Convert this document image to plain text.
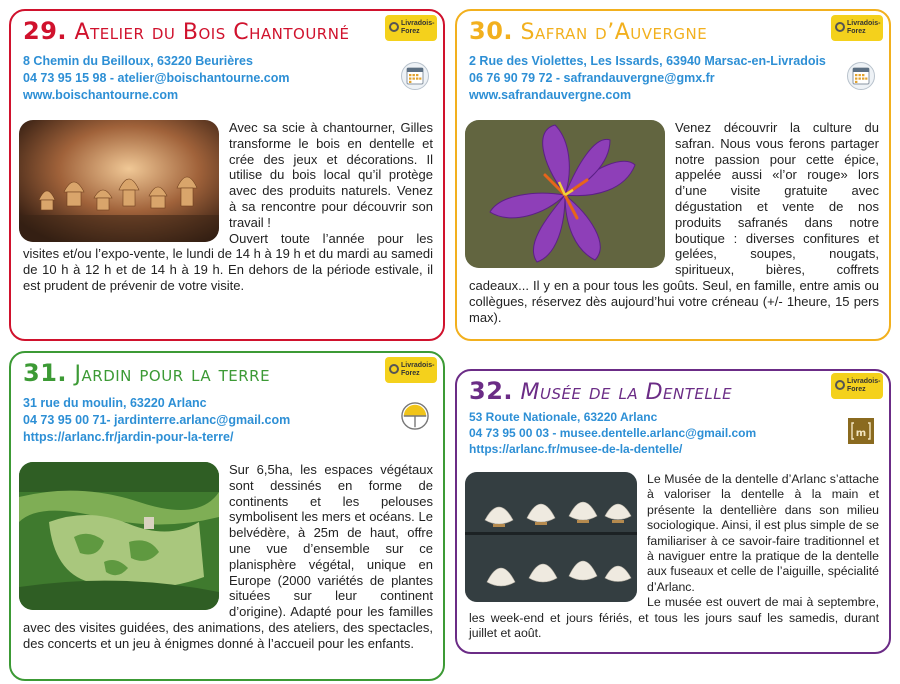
29. Atelier du Bois Chantourné	Livradois-Forez
8 Chemin du Beilloux, 63220 Beurières
04 73 95 15 98 - atelier@boischantourne.com
www.boischantourne.com

Avec sa scie à chantourner, Gilles transforme le bois en dentelle et crée des jeux et décorations. Il utilise du bois local qu’il protège avec des produits naturels. Venez à sa rencontre pour découvrir son travail !

Ouvert toute l’année pour les visites et/ou l’expo-vente, le lundi de 14 h à 19 h et du mardi au samedi de 10 h à 12 h et de 14 h à 19 h. En dehors de la période estivale, il est prudent de prévenir de votre visite.

30. Safran d’Auvergne	Livradois-Forez
2 Rue des Violettes, Les Issards, 63940 Marsac-en-Livradois
06 76 90 79 72 - safrandauvergne@gmx.fr
www.safrandauvergne.com

Venez découvrir la culture du safran. Nous vous ferons partager notre passion pour cette épice, appelée aussi «l’or rouge» lors d’une visite gratuite avec dégustation et vente de nos produits safranés dans notre boutique : diverses confitures et gelées, soupes, nougats, spiritueux, bières, coffrets cadeaux... Il y en a pour tous les goûts. Seul, en famille, entre amis ou collègues, réservez dès aujourd’hui votre créneau (+/- 1heure, 15 pers max).

31. Jardin pour la terre	Livradois-Forez
31 rue du moulin, 63220 Arlanc
04 73 95 00 71- jardinterre.arlanc@gmail.com
https://arlanc.fr/jardin-pour-la-terre/

Sur 6,5ha, les espaces végétaux sont dessinés en forme de continents et les pelouses symbolisent les mers et océans. Le belvédère, à 25m de haut, offre une vue d’ensemble sur ce planisphère végétal, unique en Europe (2000 variétés de plantes situées sur leur continent d’origine). Adapté pour les familles avec des visites guidées, des animations, des ateliers, des spectacles, des concerts et un jeu à énigmes donné à l’accueil pour les enfants.

32. Musée de la Dentelle	Livradois-Forez
53 Route Nationale, 63220 Arlanc
04 73 95 00 03 - musee.dentelle.arlanc@gmail.com
https://arlanc.fr/musee-de-la-dentelle/
m

Le Musée de la dentelle d’Arlanc s’attache à valoriser la dentelle à la main et présente la dentellière dans son milieu sociologique. Ainsi, il est plus simple de se familiariser à ce savoir-faire traditionnel et à naviguer entre la pratique de la dentelle aux fuseaux et celle de l’aiguille, spécialité d’Arlanc.

Le musée est ouvert de mai à septembre, les week-end et jours fériés, et tous les jours sauf les samedis, durant juillet et août.
